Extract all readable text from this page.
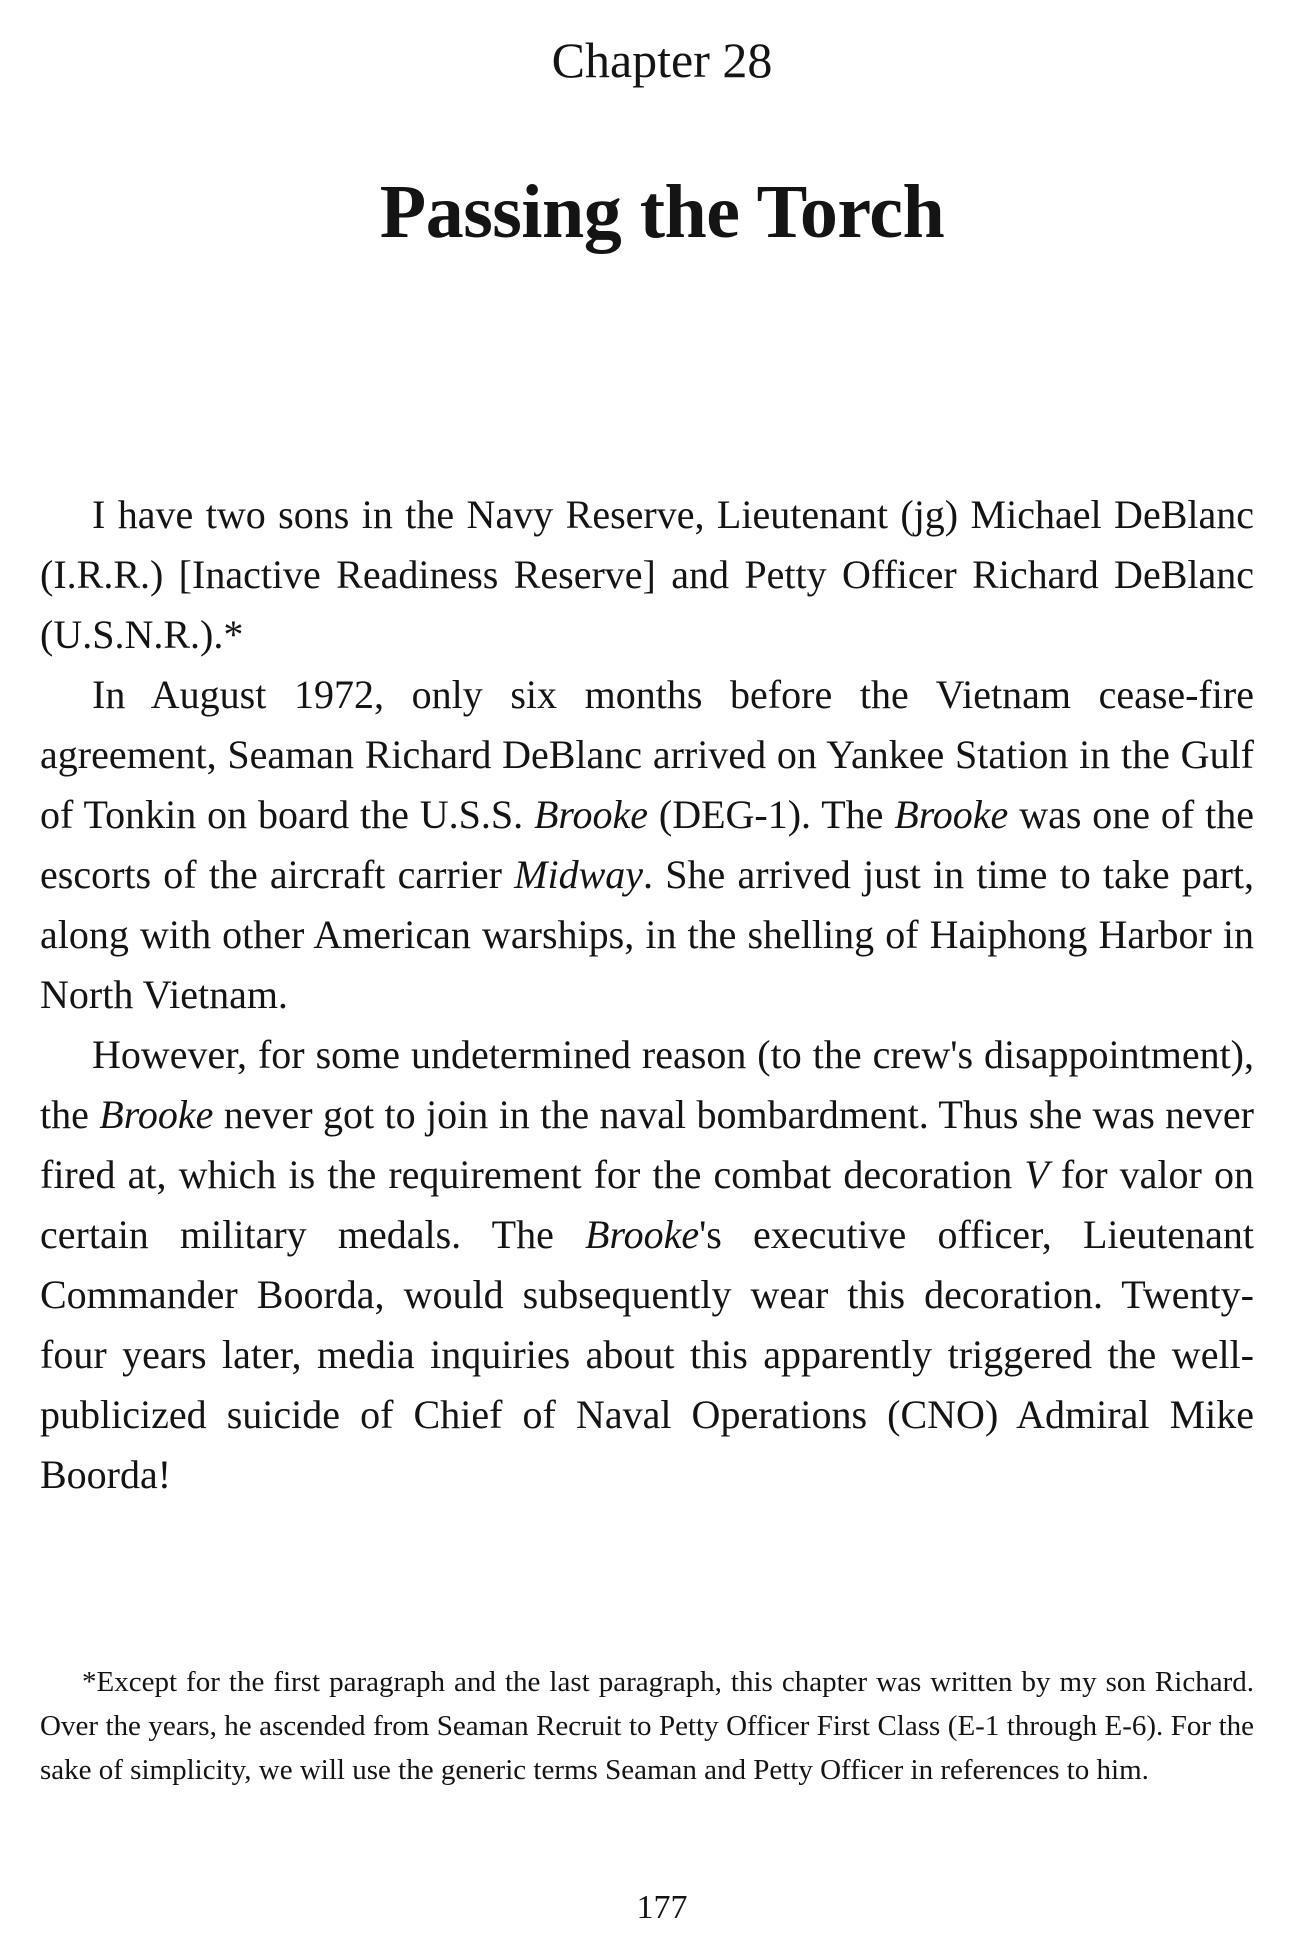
Chapter 28
Passing the Torch

I have two sons in the Navy Reserve, Lieutenant (jg) Michael DeBlanc (I.R.R.) [Inactive Readiness Reserve] and Petty Officer Richard DeBlanc (U.S.N.R.).*

In August 1972, only six months before the Vietnam cease-fire agreement, Seaman Richard DeBlanc arrived on Yankee Station in the Gulf of Tonkin on board the U.S.S. Brooke (DEG-1). The Brooke was one of the escorts of the aircraft carrier Midway. She arrived just in time to take part, along with other American warships, in the shelling of Haiphong Harbor in North Vietnam.

However, for some undetermined reason (to the crew's disappointment), the Brooke never got to join in the naval bombardment. Thus she was never fired at, which is the requirement for the combat decoration V for valor on certain military medals. The Brooke's executive officer, Lieutenant Commander Boorda, would subsequently wear this decoration. Twenty-four years later, media inquiries about this apparently triggered the well-publicized suicide of Chief of Naval Operations (CNO) Admiral Mike Boorda!

*Except for the first paragraph and the last paragraph, this chapter was written by my son Richard. Over the years, he ascended from Seaman Recruit to Petty Officer First Class (E-1 through E-6). For the sake of simplicity, we will use the generic terms Seaman and Petty Officer in references to him.

177
